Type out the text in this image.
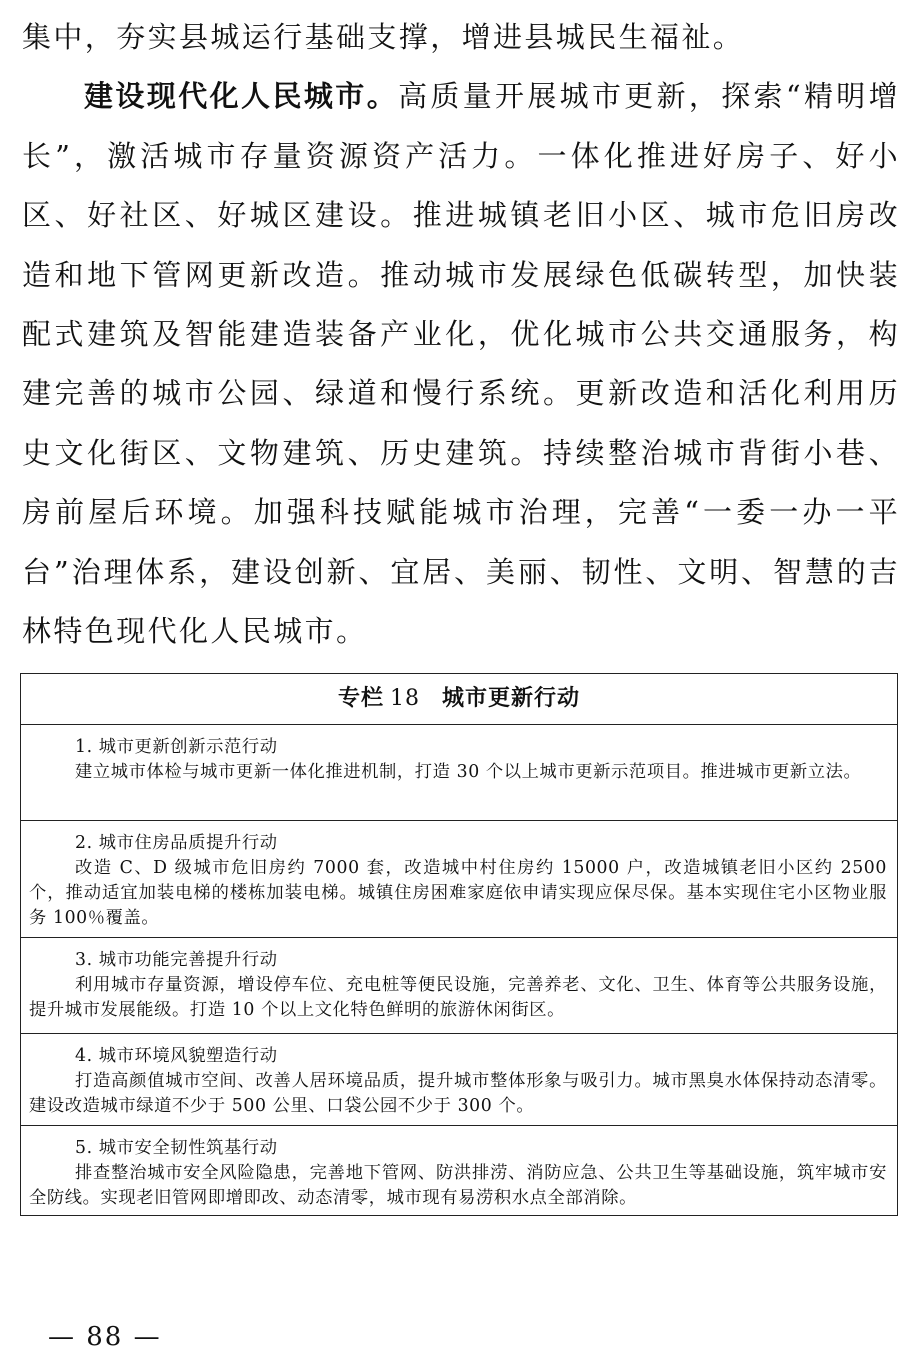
集中，夯实县城运行基础支撑，增进县城民生福祉。

建设现代化人民城市。高质量开展城市更新，探索“精明增长”，激活城市存量资源资产活力。一体化推进好房子、好小区、好社区、好城区建设。推进城镇老旧小区、城市危旧房改造和地下管网更新改造。推动城市发展绿色低碳转型，加快装配式建筑及智能建造装备产业化，优化城市公共交通服务，构建完善的城市公园、绿道和慢行系统。更新改造和活化利用历史文化街区、文物建筑、历史建筑。持续整治城市背街小巷、房前屋后环境。加强科技赋能城市治理，完善“一委一办一平台”治理体系，建设创新、宜居、美丽、韧性、文明、智慧的吉林特色现代化人民城市。

专栏 18 城市更新行动

1. 城市更新创新示范行动

建立城市体检与城市更新一体化推进机制，打造 30 个以上城市更新示范项目。推进城市更新立法。

2. 城市住房品质提升行动

改造 C、D 级城市危旧房约 7000 套，改造城中村住房约 15000 户，改造城镇老旧小区约 2500 个，推动适宜加装电梯的楼栋加装电梯。城镇住房困难家庭依申请实现应保尽保。基本实现住宅小区物业服务 100％覆盖。

3. 城市功能完善提升行动

利用城市存量资源，增设停车位、充电桩等便民设施，完善养老、文化、卫生、体育等公共服务设施，提升城市发展能级。打造 10 个以上文化特色鲜明的旅游休闲街区。

4. 城市环境风貌塑造行动

打造高颜值城市空间、改善人居环境品质，提升城市整体形象与吸引力。城市黑臭水体保持动态清零。建设改造城市绿道不少于 500 公里、口袋公园不少于 300 个。

5. 城市安全韧性筑基行动

排查整治城市安全风险隐患，完善地下管网、防洪排涝、消防应急、公共卫生等基础设施，筑牢城市安全防线。实现老旧管网即增即改、动态清零，城市现有易涝积水点全部消除。

— 88 —
